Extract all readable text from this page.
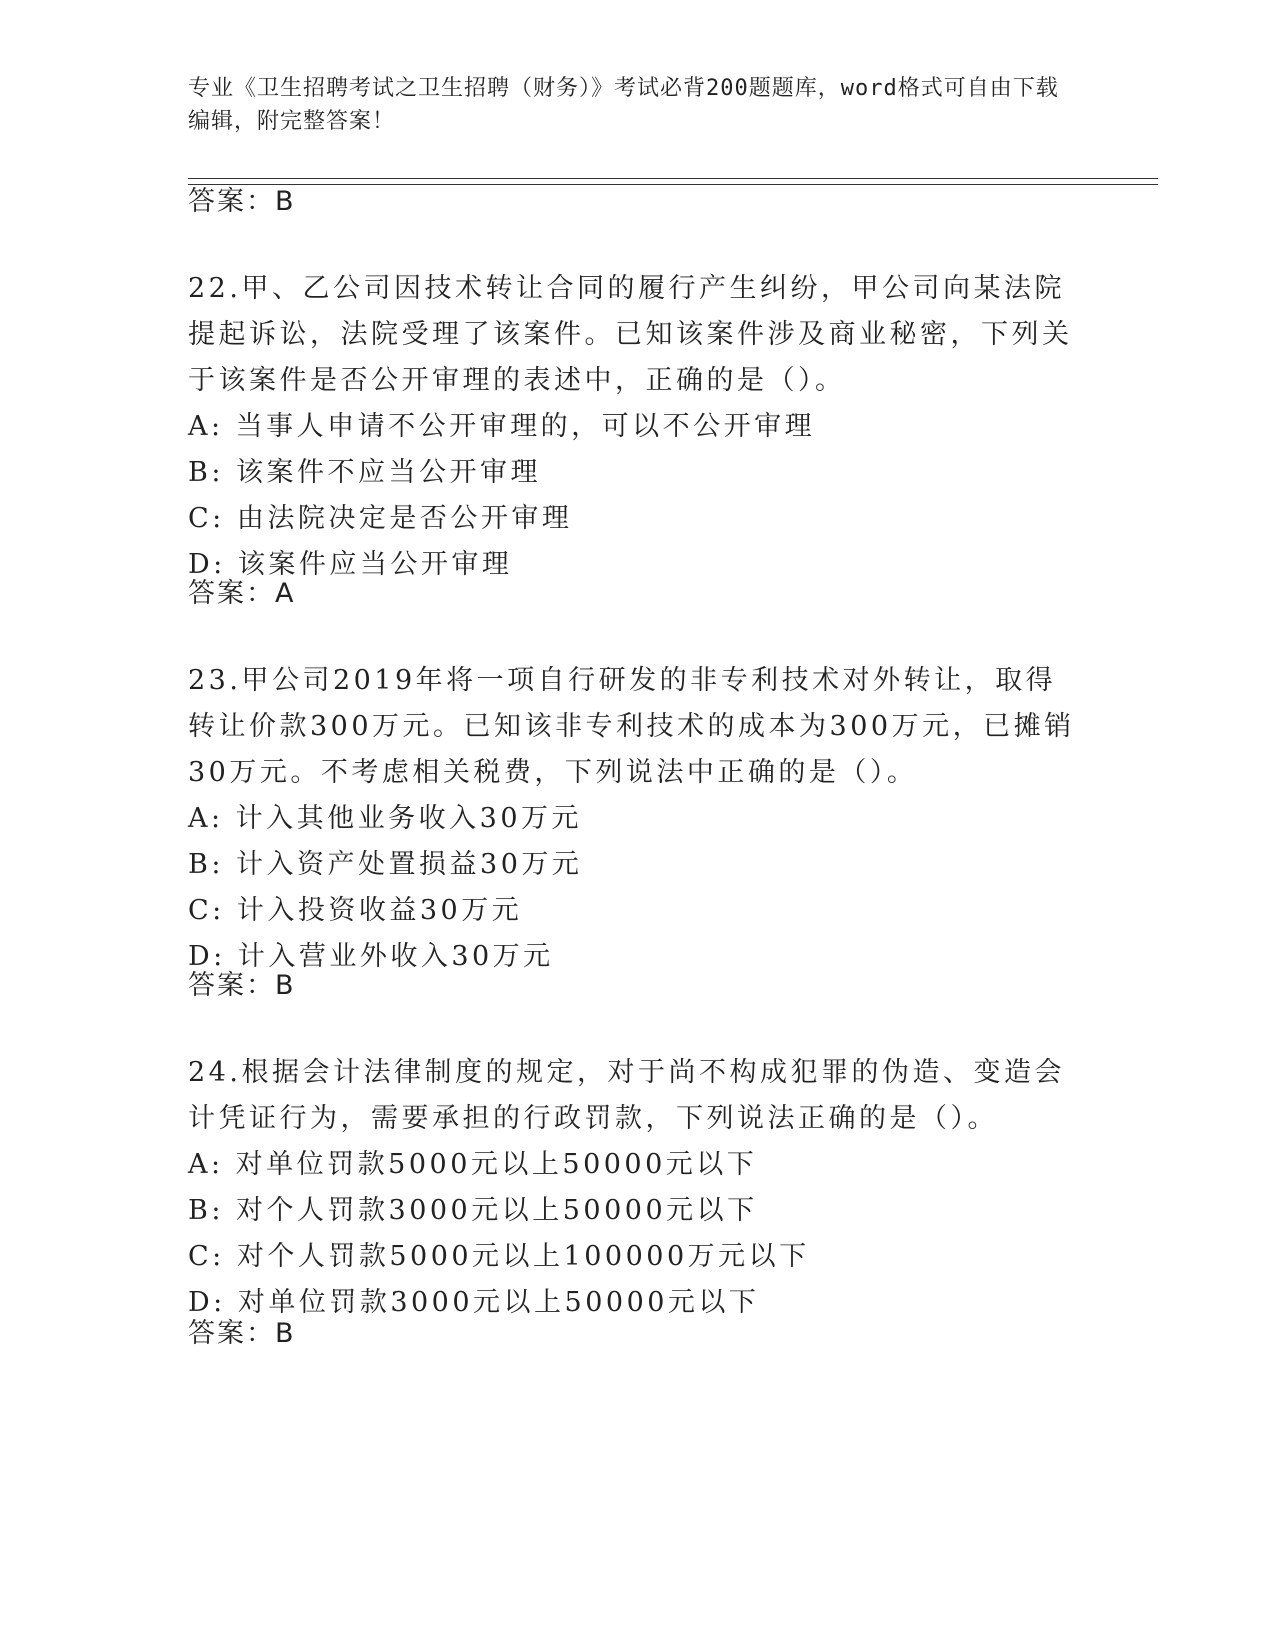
专业《卫生招聘考试之卫生招聘（财务）》考试必背200题题库，word格式可自由下载编辑，附完整答案！
答案：B
22.甲、乙公司因技术转让合同的履行产生纠纷，甲公司向某法院提起诉讼，法院受理了该案件。已知该案件涉及商业秘密，下列关于该案件是否公开审理的表述中，正确的是（）。
A: 当事人申请不公开审理的，可以不公开审理
B: 该案件不应当公开审理
C: 由法院决定是否公开审理
D: 该案件应当公开审理
答案：A
23.甲公司2019年将一项自行研发的非专利技术对外转让，取得转让价款300万元。已知该非专利技术的成本为300万元，已摊销30万元。不考虑相关税费，下列说法中正确的是（）。
A: 计入其他业务收入30万元
B: 计入资产处置损益30万元
C: 计入投资收益30万元
D: 计入营业外收入30万元
答案：B
24.根据会计法律制度的规定，对于尚不构成犯罪的伪造、变造会计凭证行为，需要承担的行政罚款，下列说法正确的是（）。
A: 对单位罚款5000元以上50000元以下
B: 对个人罚款3000元以上50000元以下
C: 对个人罚款5000元以上100000万元以下
D: 对单位罚款3000元以上50000元以下
答案：B
